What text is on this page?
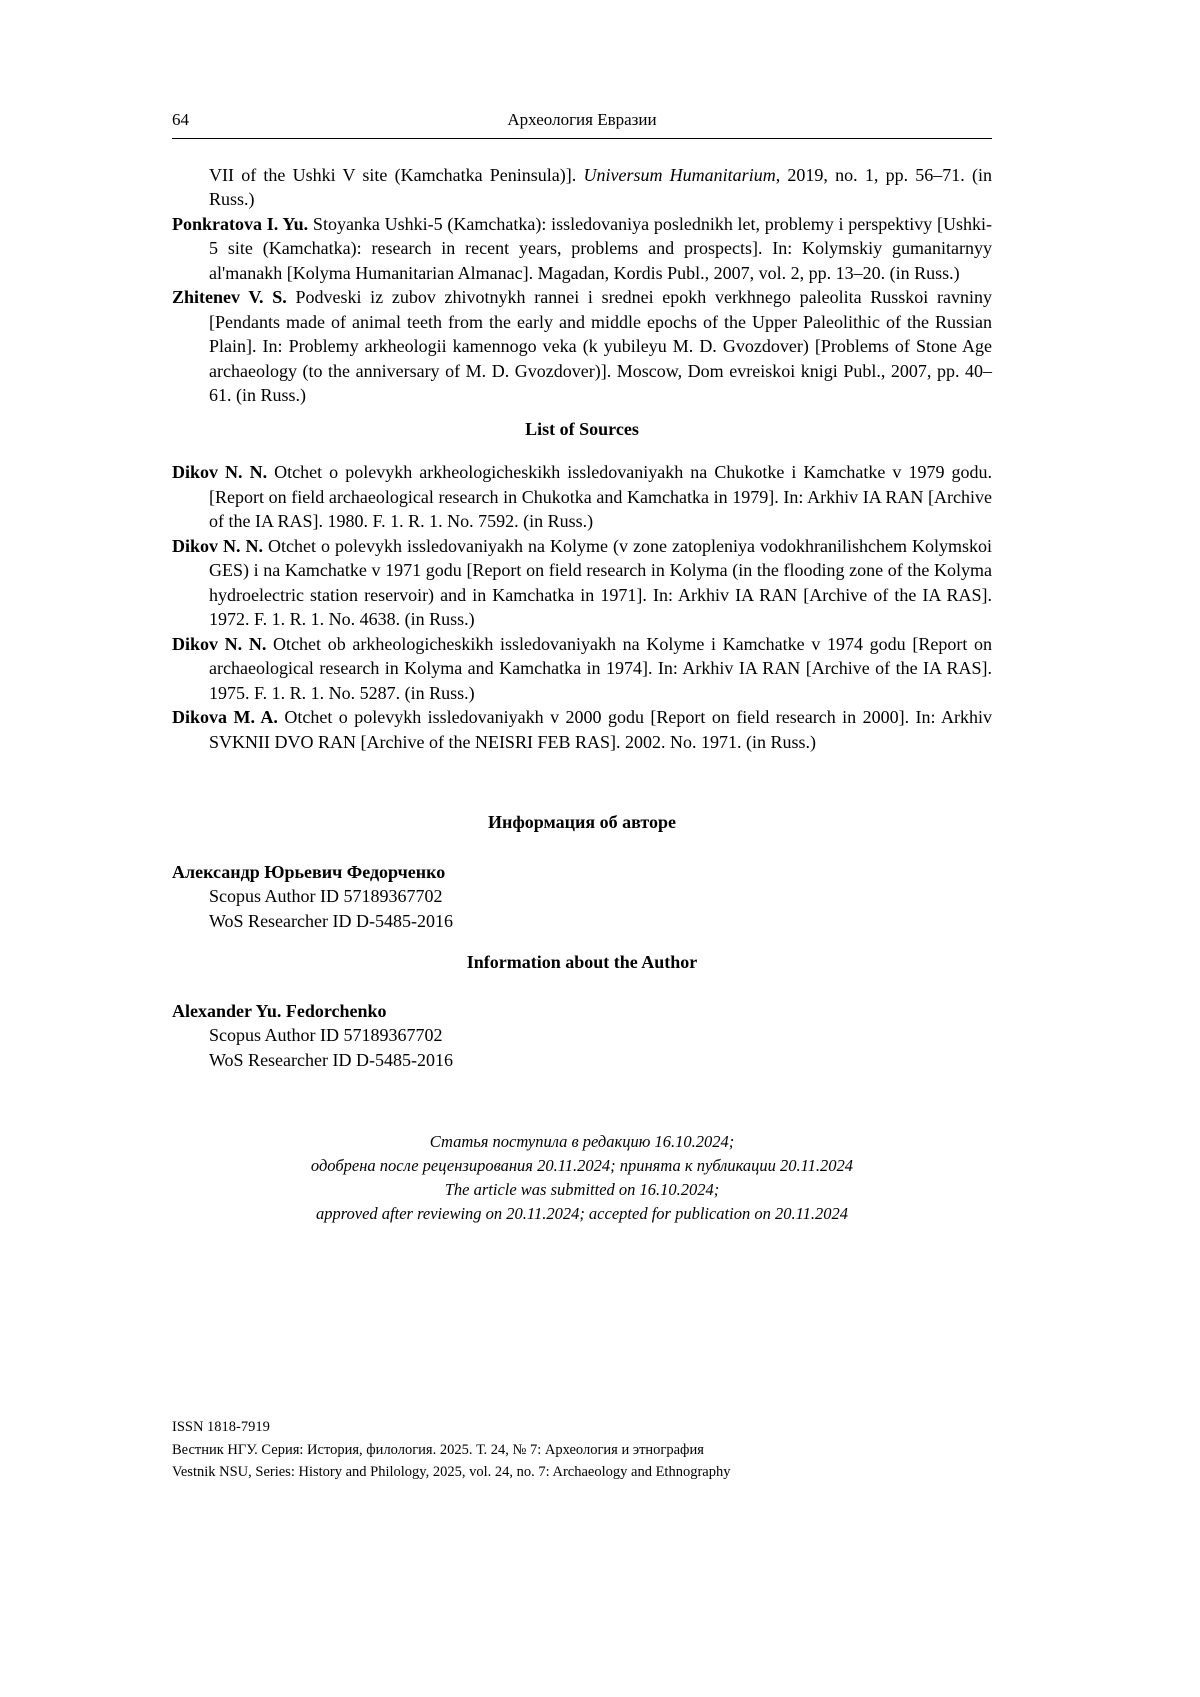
64	Археология Евразии

VII of the Ushki V site (Kamchatka Peninsula)]. Universum Humanitarium, 2019, no. 1, pp. 56–71. (in Russ.)

Ponkratova I. Yu. Stoyanka Ushki-5 (Kamchatka): issledovaniya poslednikh let, problemy i perspektivy [Ushki-5 site (Kamchatka): research in recent years, problems and prospects]. In: Kolymskiy gumanitarnyy al'manakh [Kolyma Humanitarian Almanac]. Magadan, Kordis Publ., 2007, vol. 2, pp. 13–20. (in Russ.)

Zhitenev V. S. Podveski iz zubov zhivotnykh rannei i srednei epokh verkhnego paleolita Russkoi ravniny [Pendants made of animal teeth from the early and middle epochs of the Upper Paleolithic of the Russian Plain]. In: Problemy arkheologii kamennogo veka (k yubileyu M. D. Gvozdover) [Problems of Stone Age archaeology (to the anniversary of M. D. Gvozdover)]. Moscow, Dom evreiskoi knigi Publ., 2007, pp. 40–61. (in Russ.)

List of Sources

Dikov N. N. Otchet o polevykh arkheologicheskikh issledovaniyakh na Chukotke i Kamchatke v 1979 godu. [Report on field archaeological research in Chukotka and Kamchatka in 1979]. In: Arkhiv IA RAN [Archive of the IA RAS]. 1980. F. 1. R. 1. No. 7592. (in Russ.)

Dikov N. N. Otchet o polevykh issledovaniyakh na Kolyme (v zone zatopleniya vodokhranilishchem Kolymskoi GES) i na Kamchatke v 1971 godu [Report on field research in Kolyma (in the flooding zone of the Kolyma hydroelectric station reservoir) and in Kamchatka in 1971]. In: Arkhiv IA RAN [Archive of the IA RAS]. 1972. F. 1. R. 1. No. 4638. (in Russ.)

Dikov N. N. Otchet ob arkheologicheskikh issledovaniyakh na Kolyme i Kamchatke v 1974 godu [Report on archaeological research in Kolyma and Kamchatka in 1974]. In: Arkhiv IA RAN [Archive of the IA RAS]. 1975. F. 1. R. 1. No. 5287. (in Russ.)

Dikova M. A. Otchet o polevykh issledovaniyakh v 2000 godu [Report on field research in 2000]. In: Arkhiv SVKNII DVO RAN [Archive of the NEISRI FEB RAS]. 2002. No. 1971. (in Russ.)

Информация об авторе

Александр Юрьевич Федорченко

Scopus Author ID 57189367702

WoS Researcher ID D-5485-2016

Information about the Author

Alexander Yu. Fedorchenko

Scopus Author ID 57189367702

WoS Researcher ID D-5485-2016

Статья поступила в редакцию 16.10.2024;

одобрена после рецензирования 20.11.2024; принята к публикации 20.11.2024

The article was submitted on 16.10.2024;

approved after reviewing on 20.11.2024; accepted for publication on 20.11.2024

ISSN 1818-7919

Вестник НГУ. Серия: История, филология. 2025. Т. 24, № 7: Археология и этнография

Vestnik NSU, Series: History and Philology, 2025, vol. 24, no. 7: Archaeology and Ethnography
